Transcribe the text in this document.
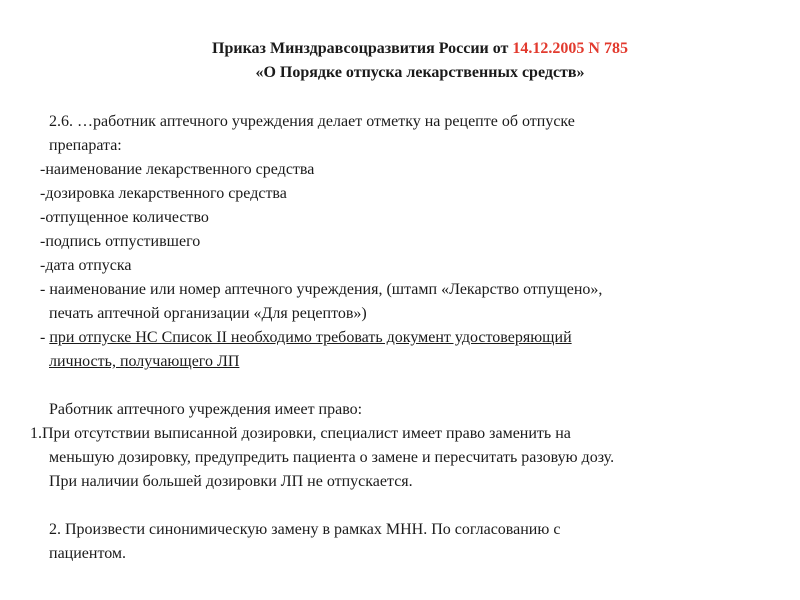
Приказ Минздравсоцразвития России от 14.12.2005 N 785
«О Порядке отпуска лекарственных средств»
2.6. …работник аптечного учреждения делает отметку на рецепте об отпуске
препарата:
-наименование лекарственного средства
-дозировка лекарственного средства
-отпущенное количество
-подпись отпустившего
-дата отпуска
- наименование или номер аптечного учреждения, (штамп «Лекарство отпущено»,
печать аптечной организации «Для рецептов»)
- при отпуске НС Список II необходимо требовать документ удостоверяющий
личность, получающего ЛП
Работник аптечного учреждения имеет право:
1.При отсутствии выписанной дозировки, специалист имеет право заменить на
меньшую дозировку, предупредить пациента о замене и пересчитать разовую дозу.
При наличии большей дозировки ЛП не отпускается.
2. Произвести синонимическую замену в рамках МНН. По согласованию с
пациентом.
